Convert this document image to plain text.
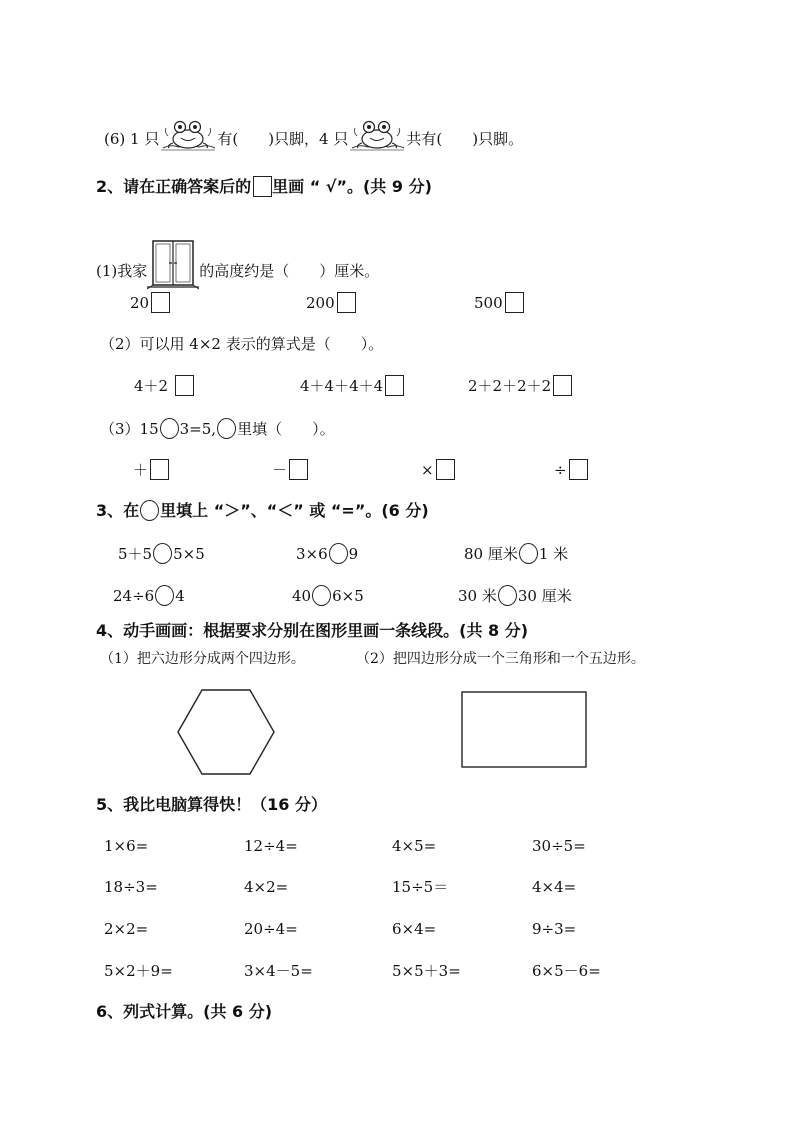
(6) 1 只	有( )只脚，4 只	共有( )只脚。
2、请在正确答案后的 里画 “ √”。(共 9 分)
(1)我家	的高度约是（　　）厘米。
20	200	500
（2）可以用 4×2 表示的算式是（　　）。
4＋2	4＋4＋4＋4	2＋2＋2＋2
（3）15 3=5, 里填（　　）。
＋	－	×	÷
3、在 里填上 “＞”、“＜” 或 “=”。(6 分)
5＋5 5×5	3×6 9	80 厘米 1 米
24÷6 4	40 6×5	30 米 30 厘米
4、动手画画：根据要求分别在图形里画一条线段。(共 8 分)
（1）把六边形分成两个四边形。	（2）把四边形分成一个三角形和一个五边形。
5、我比电脑算得快！（16 分）
1×6=	12÷4=	4×5=	30÷5=
18÷3=	4×2=	15÷5＝	4×4=
2×2=	20÷4=	6×4=	9÷3=
5×2＋9=	3×4－5=	5×5＋3=	6×5－6=
6、列式计算。(共 6 分)
